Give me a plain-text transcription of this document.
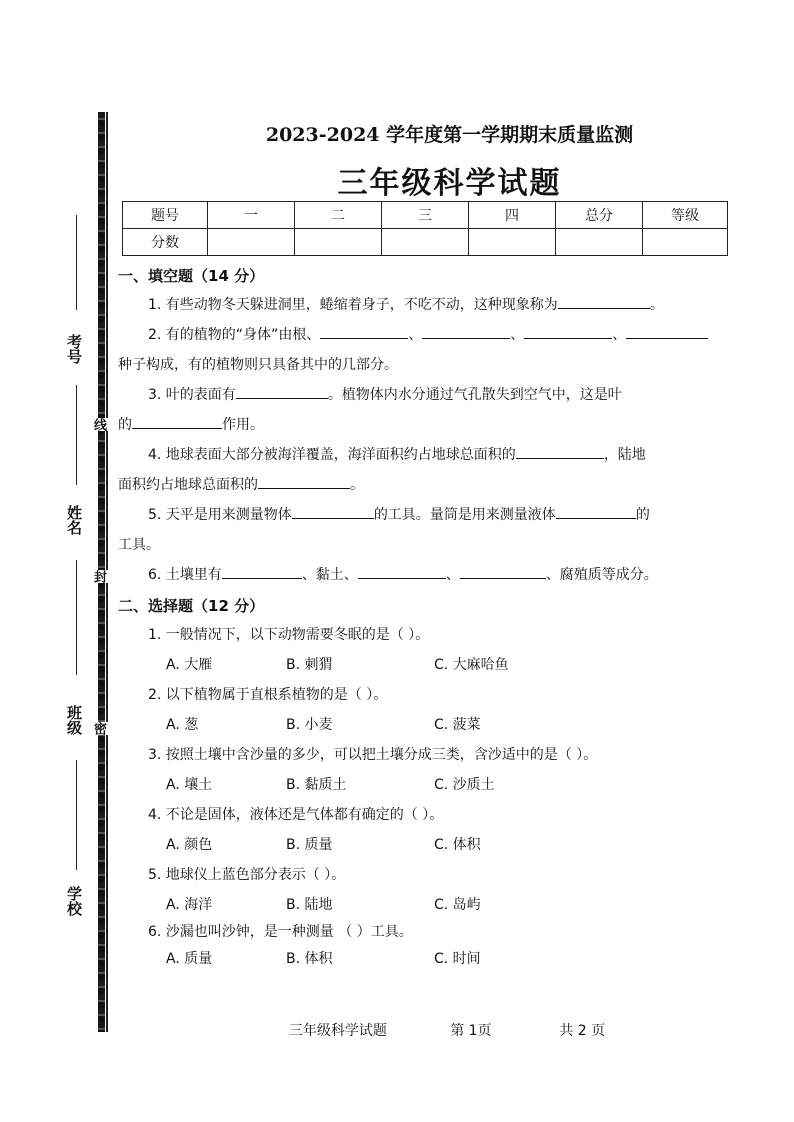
考号
姓名
班级
学校
线
封
密
2023-2024 学年度第一学期期末质量监测
三年级科学试题
题号	一	二	三	四	总分	等级
分数						
一、填空题（14 分）
1. 有些动物冬天躲进洞里，蜷缩着身子，不吃不动，这种现象称为	。
2. 有的植物的“身体”由根、	、	、	、
种子构成，有的植物则只具备其中的几部分。
3. 叶的表面有	。植物体内水分通过气孔散失到空气中，这是叶
的	作用。
4. 地球表面大部分被海洋覆盖，海洋面积约占地球总面积的	，陆地
面积约占地球总面积的	。
5. 天平是用来测量物体	的工具。量筒是用来测量液体	的
工具。
6. 土壤里有	、黏土、	、	、腐殖质等成分。
二、选择题（12 分）
1. 一般情况下，以下动物需要冬眠的是（ ）。
A. 大雁	B. 刺猬	C. 大麻哈鱼
2. 以下植物属于直根系植物的是（ ）。
A. 葱	B. 小麦	C. 菠菜
3. 按照土壤中含沙量的多少，可以把土壤分成三类，含沙适中的是（ ）。
A. 壤土	B. 黏质土	C. 沙质土
4. 不论是固体，液体还是气体都有确定的（ ）。
A. 颜色	B. 质量	C. 体积
5. 地球仪上蓝色部分表示（ ）。
A. 海洋	B. 陆地	C. 岛屿
6. 沙漏也叫沙钟，是一种测量 （ ）工具。
A. 质量	B. 体积	C. 时间
三年级科学试题	第 1页	共 2 页
